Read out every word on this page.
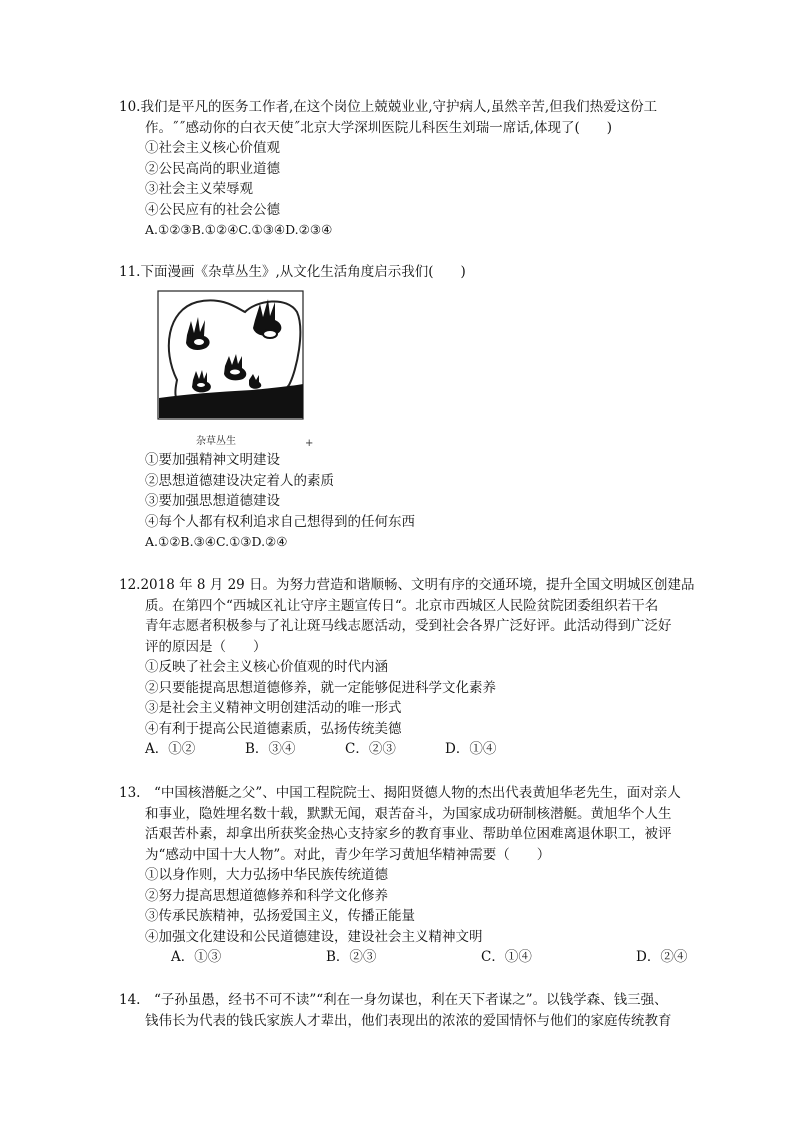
10.我们是平凡的医务工作者,在这个岗位上兢兢业业,守护病人,虽然辛苦,但我们热爱这份工

作。˝˝感动你的白衣天使˝北京大学深圳医院儿科医生刘瑞一席话,体现了(　　)

①社会主义核心价值观

②公民高尚的职业道德

③社会主义荣辱观

④公民应有的社会公德

A.①②③B.①②④C.①③④D.②③④

11.下面漫画《杂草丛生》,从文化生活角度启示我们(　　)

杂草丛生	+

①要加强精神文明建设

②思想道德建设决定着人的素质

③要加强思想道德建设

④每个人都有权利追求自己想得到的任何东西

A.①②B.③④C.①③D.②④

12.2018 年 8 月 29 日。为努力营造和谐顺畅、文明有序的交通环境，提升全国文明城区创建品

质。在第四个“西城区礼让守序主题宣传日“。北京市西城区人民险贫院团委组织若干名

青年志愿者积极参与了礼让斑马线志愿活动，受到社会各界广泛好评。此活动得到广泛好

评的原因是（　　）

①反映了社会主义核心价值观的时代内涵

②只要能提高思想道德修养，就一定能够促进科学文化素养

③是社会主义精神文明创建活动的唯一形式

④有利于提高公民道德素质，弘扬传统美德

A．①②	B．③④	C．②③	D．①④

13.　“中国核潜艇之父”、中国工程院院士、揭阳贤德人物的杰出代表黄旭华老先生，面对亲人

和事业，隐姓埋名数十载，默默无闻，艰苦奋斗，为国家成功研制核潜艇。黄旭华个人生

活艰苦朴素，却拿出所获奖金热心支持家乡的教育事业、帮助单位困难离退休职工，被评

为“感动中国十大人物”。对此，青少年学习黄旭华精神需要（　　）

①以身作则，大力弘扬中华民族传统道德

②努力提高思想道德修养和科学文化修养

③传承民族精神，弘扬爱国主义，传播正能量

④加强文化建设和公民道德建设，建设社会主义精神文明

A．①③	B．②③	C．①④	D．②④

14.　“子孙虽愚，经书不可不读”“利在一身勿谋也，利在天下者谋之”。以钱学森、钱三强、

钱伟长为代表的钱氏家族人才辈出，他们表现出的浓浓的爱国情怀与他们的家庭传统教育
